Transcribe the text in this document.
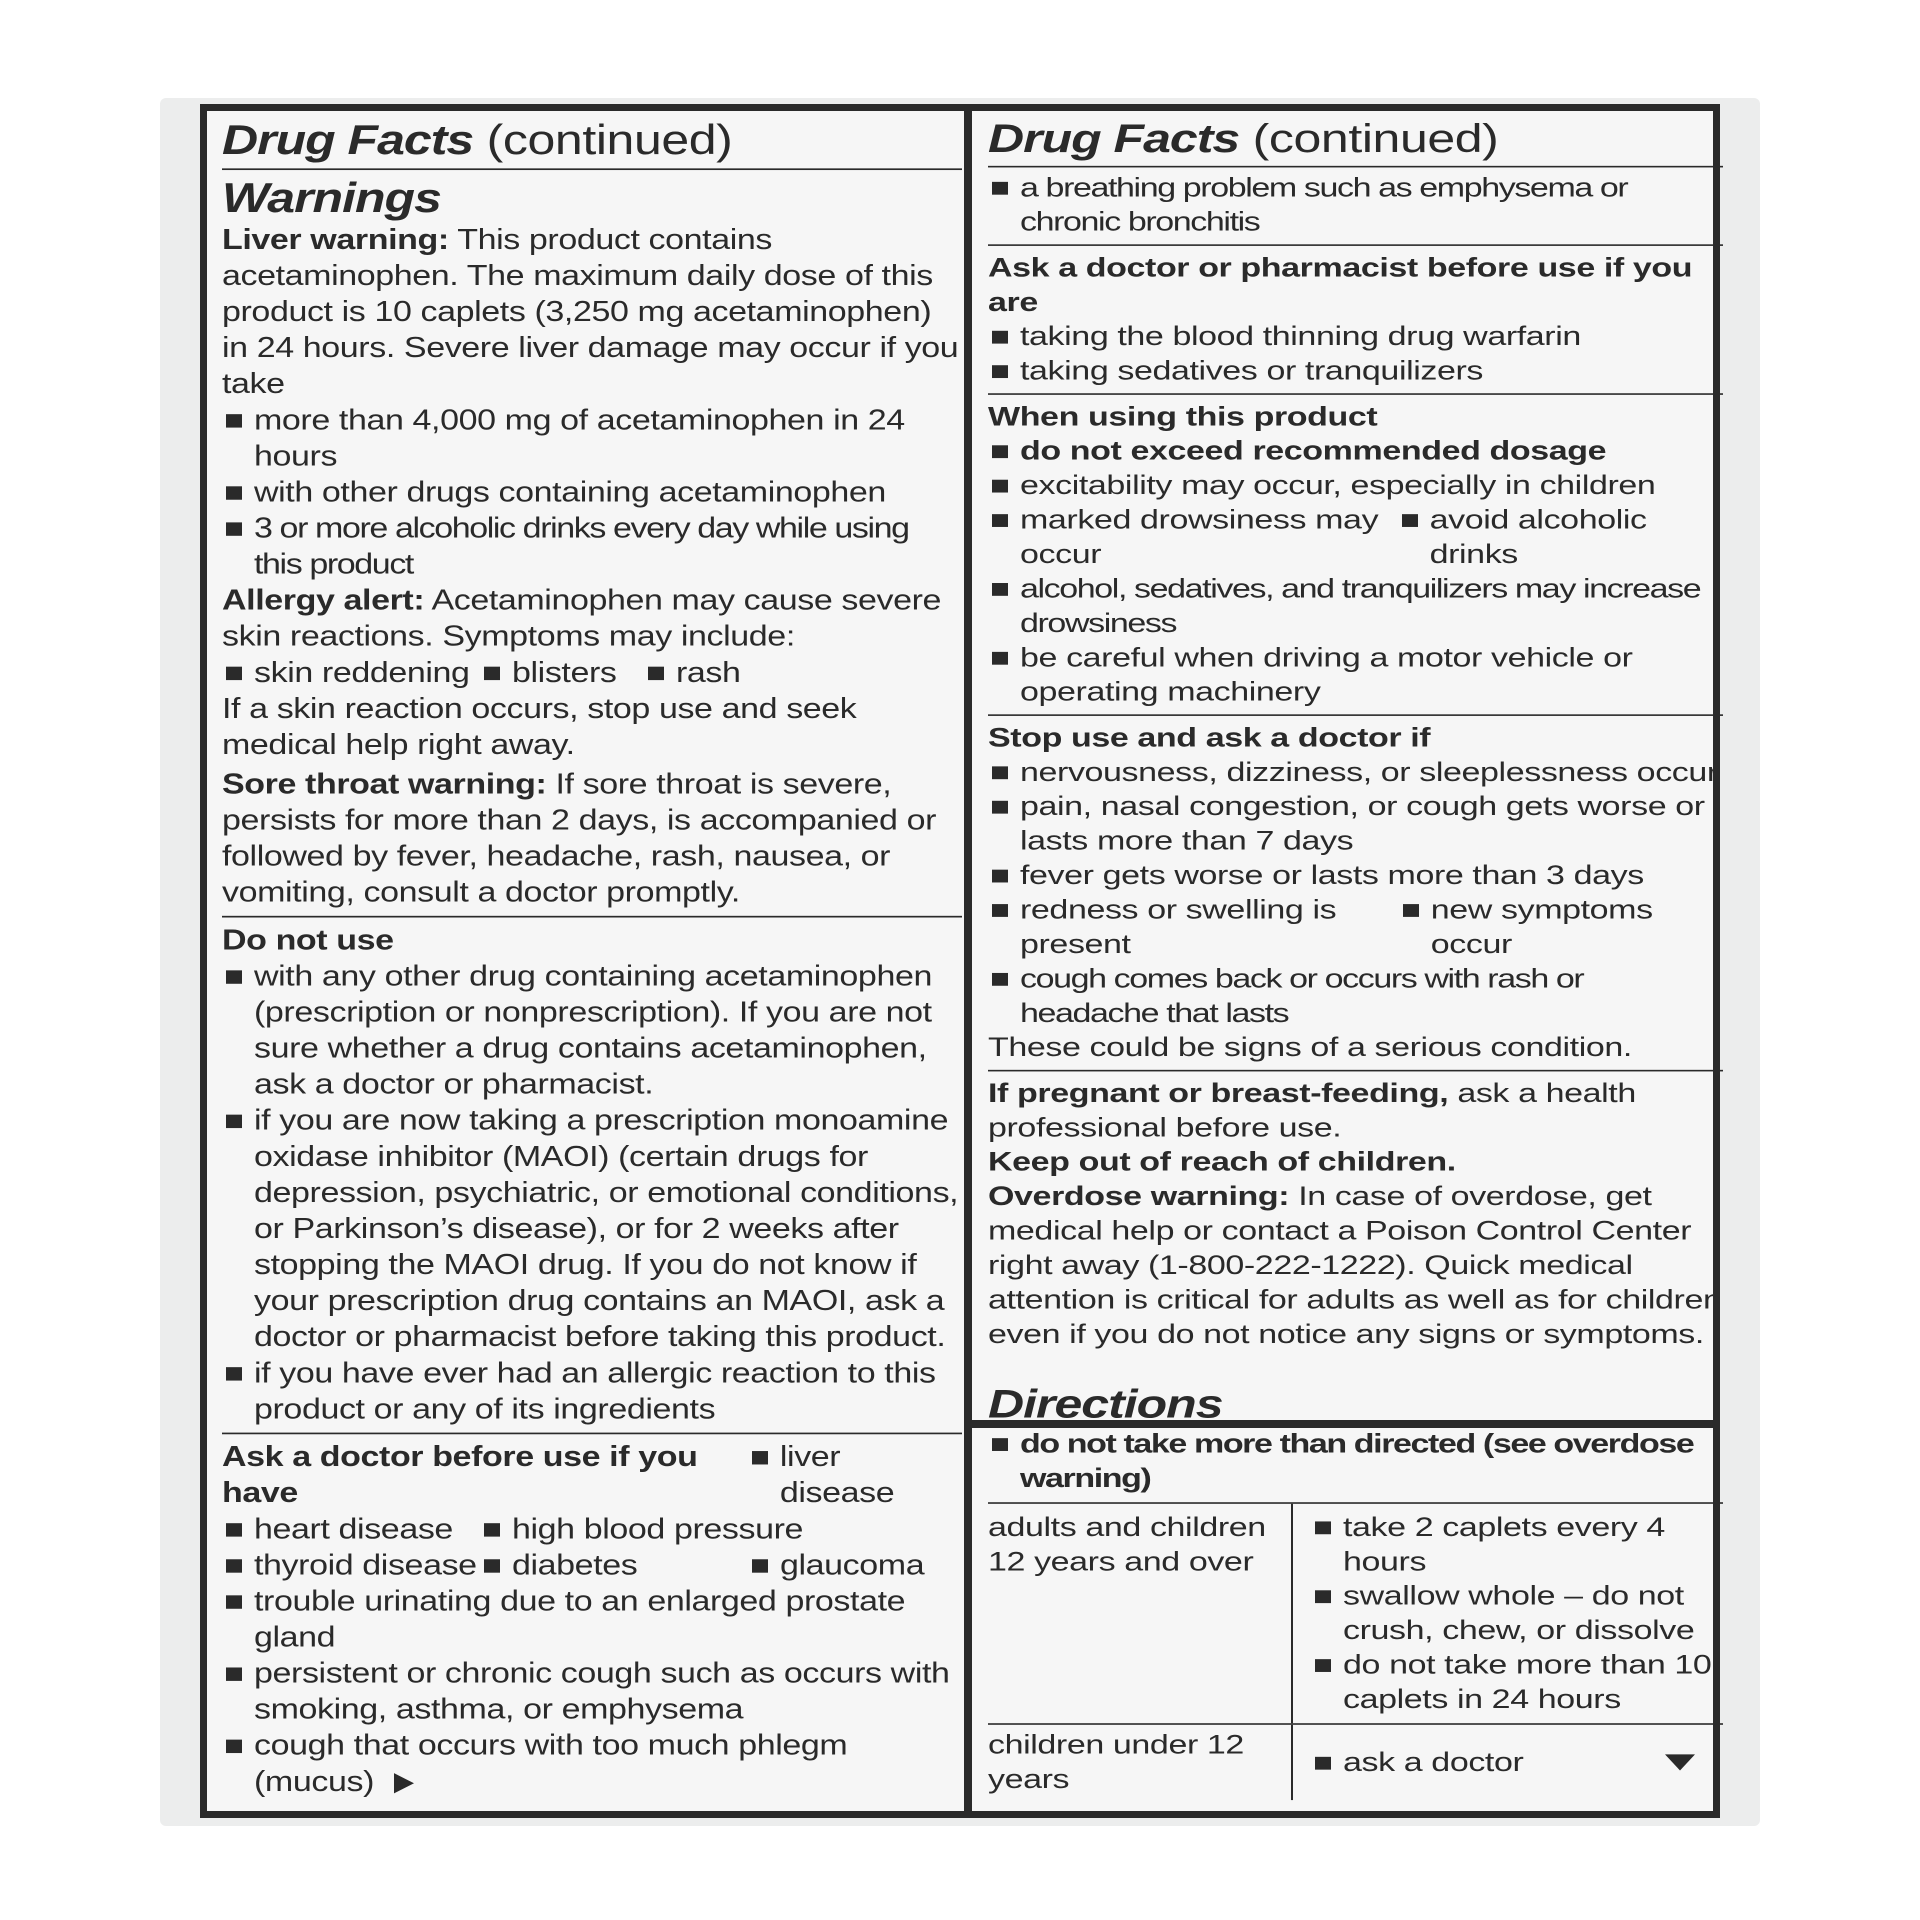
Drug Facts (continued)
Warnings
Liver warning: This product contains acetaminophen. The maximum daily dose of this product is 10 caplets (3,250 mg acetaminophen) in 24 hours. Severe liver damage may occur if you take
more than 4,000 mg of acetaminophen in 24 hours
with other drugs containing acetaminophen
3 or more alcoholic drinks every day while using this product
Allergy alert: Acetaminophen may cause severe skin reactions. Symptoms may include:
skin reddening blisters rash
If a skin reaction occurs, stop use and seek medical help right away.
Sore throat warning: If sore throat is severe, persists for more than 2 days, is accompanied or followed by fever, headache, rash, nausea, or vomiting, consult a doctor promptly.
Do not use
with any other drug containing acetaminophen (prescription or nonprescription). If you are not sure whether a drug contains acetaminophen, ask a doctor or pharmacist.
if you are now taking a prescription monoamine oxidase inhibitor (MAOI) (certain drugs for depression, psychiatric, or emotional conditions, or Parkinson’s disease), or for 2 weeks after stopping the MAOI drug. If you do not know if your prescription drug contains an MAOI, ask a doctor or pharmacist before taking this product.
if you have ever had an allergic reaction to this product or any of its ingredients
Ask a doctor before use if you have
liver disease
heart disease high blood pressure
thyroid disease diabetes	glaucoma
trouble urinating due to an enlarged prostate gland
persistent or chronic cough such as occurs with smoking, asthma, or emphysema
cough that occurs with too much phlegm (mucus)
Drug Facts (continued)
a breathing problem such as emphysema or chronic bronchitis
Ask a doctor or pharmacist before use if you are
taking the blood thinning drug warfarin
taking sedatives or tranquilizers
When using this product
do not exceed recommended dosage
excitability may occur, especially in children
marked drowsiness may occur
avoid alcoholic drinks
alcohol, sedatives, and tranquilizers may increase drowsiness
be careful when driving a motor vehicle or operating machinery
Stop use and ask a doctor if
nervousness, dizziness, or sleeplessness occur
pain, nasal congestion, or cough gets worse or lasts more than 7 days
fever gets worse or lasts more than 3 days
redness or swelling is present
new symptoms occur
cough comes back or occurs with rash or headache that lasts
These could be signs of a serious condition.
If pregnant or breast-feeding, ask a health professional before use.
Keep out of reach of children.
Overdose warning: In case of overdose, get medical help or contact a Poison Control Center right away (1-800-222-1222). Quick medical attention is critical for adults as well as for children even if you do not notice any signs or symptoms.
Directions
do not take more than directed (see overdose warning)
adults and children 12 years and over
take 2 caplets every 4 hours
swallow whole – do not crush, chew, or dissolve
do not take more than 10 caplets in 24 hours
children under 12 years
ask a doctor
